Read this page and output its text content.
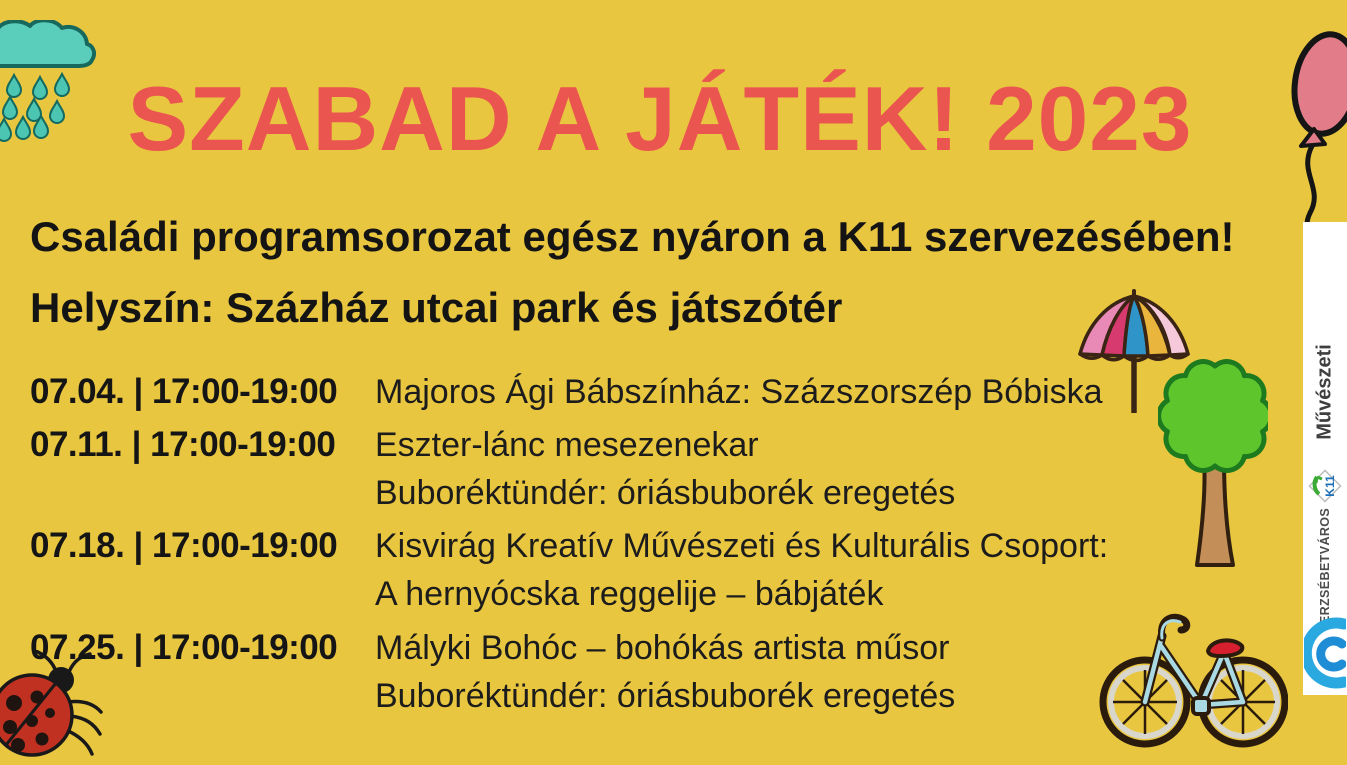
Művészeti
K11
ERZSÉBETVÁROS
SZABAD A JÁTÉK! 2023
Családi programsorozat egész nyáron a K11 szervezésében!
Helyszín: Százház utcai park és játszótér
07.04. | 17:00-19:00	Majoros Ági Bábszínház: Százszorszép Bóbiska
07.11. | 17:00-19:00	Eszter-lánc mesezenekar
Buboréktündér: óriásbuborék eregetés
07.18. | 17:00-19:00	Kisvirág Kreatív Művészeti és Kulturális Csoport:
A hernyócska reggelije – bábjáték
07.25. | 17:00-19:00	Mályki Bohóc – bohókás artista műsor
Buboréktündér: óriásbuborék eregetés
